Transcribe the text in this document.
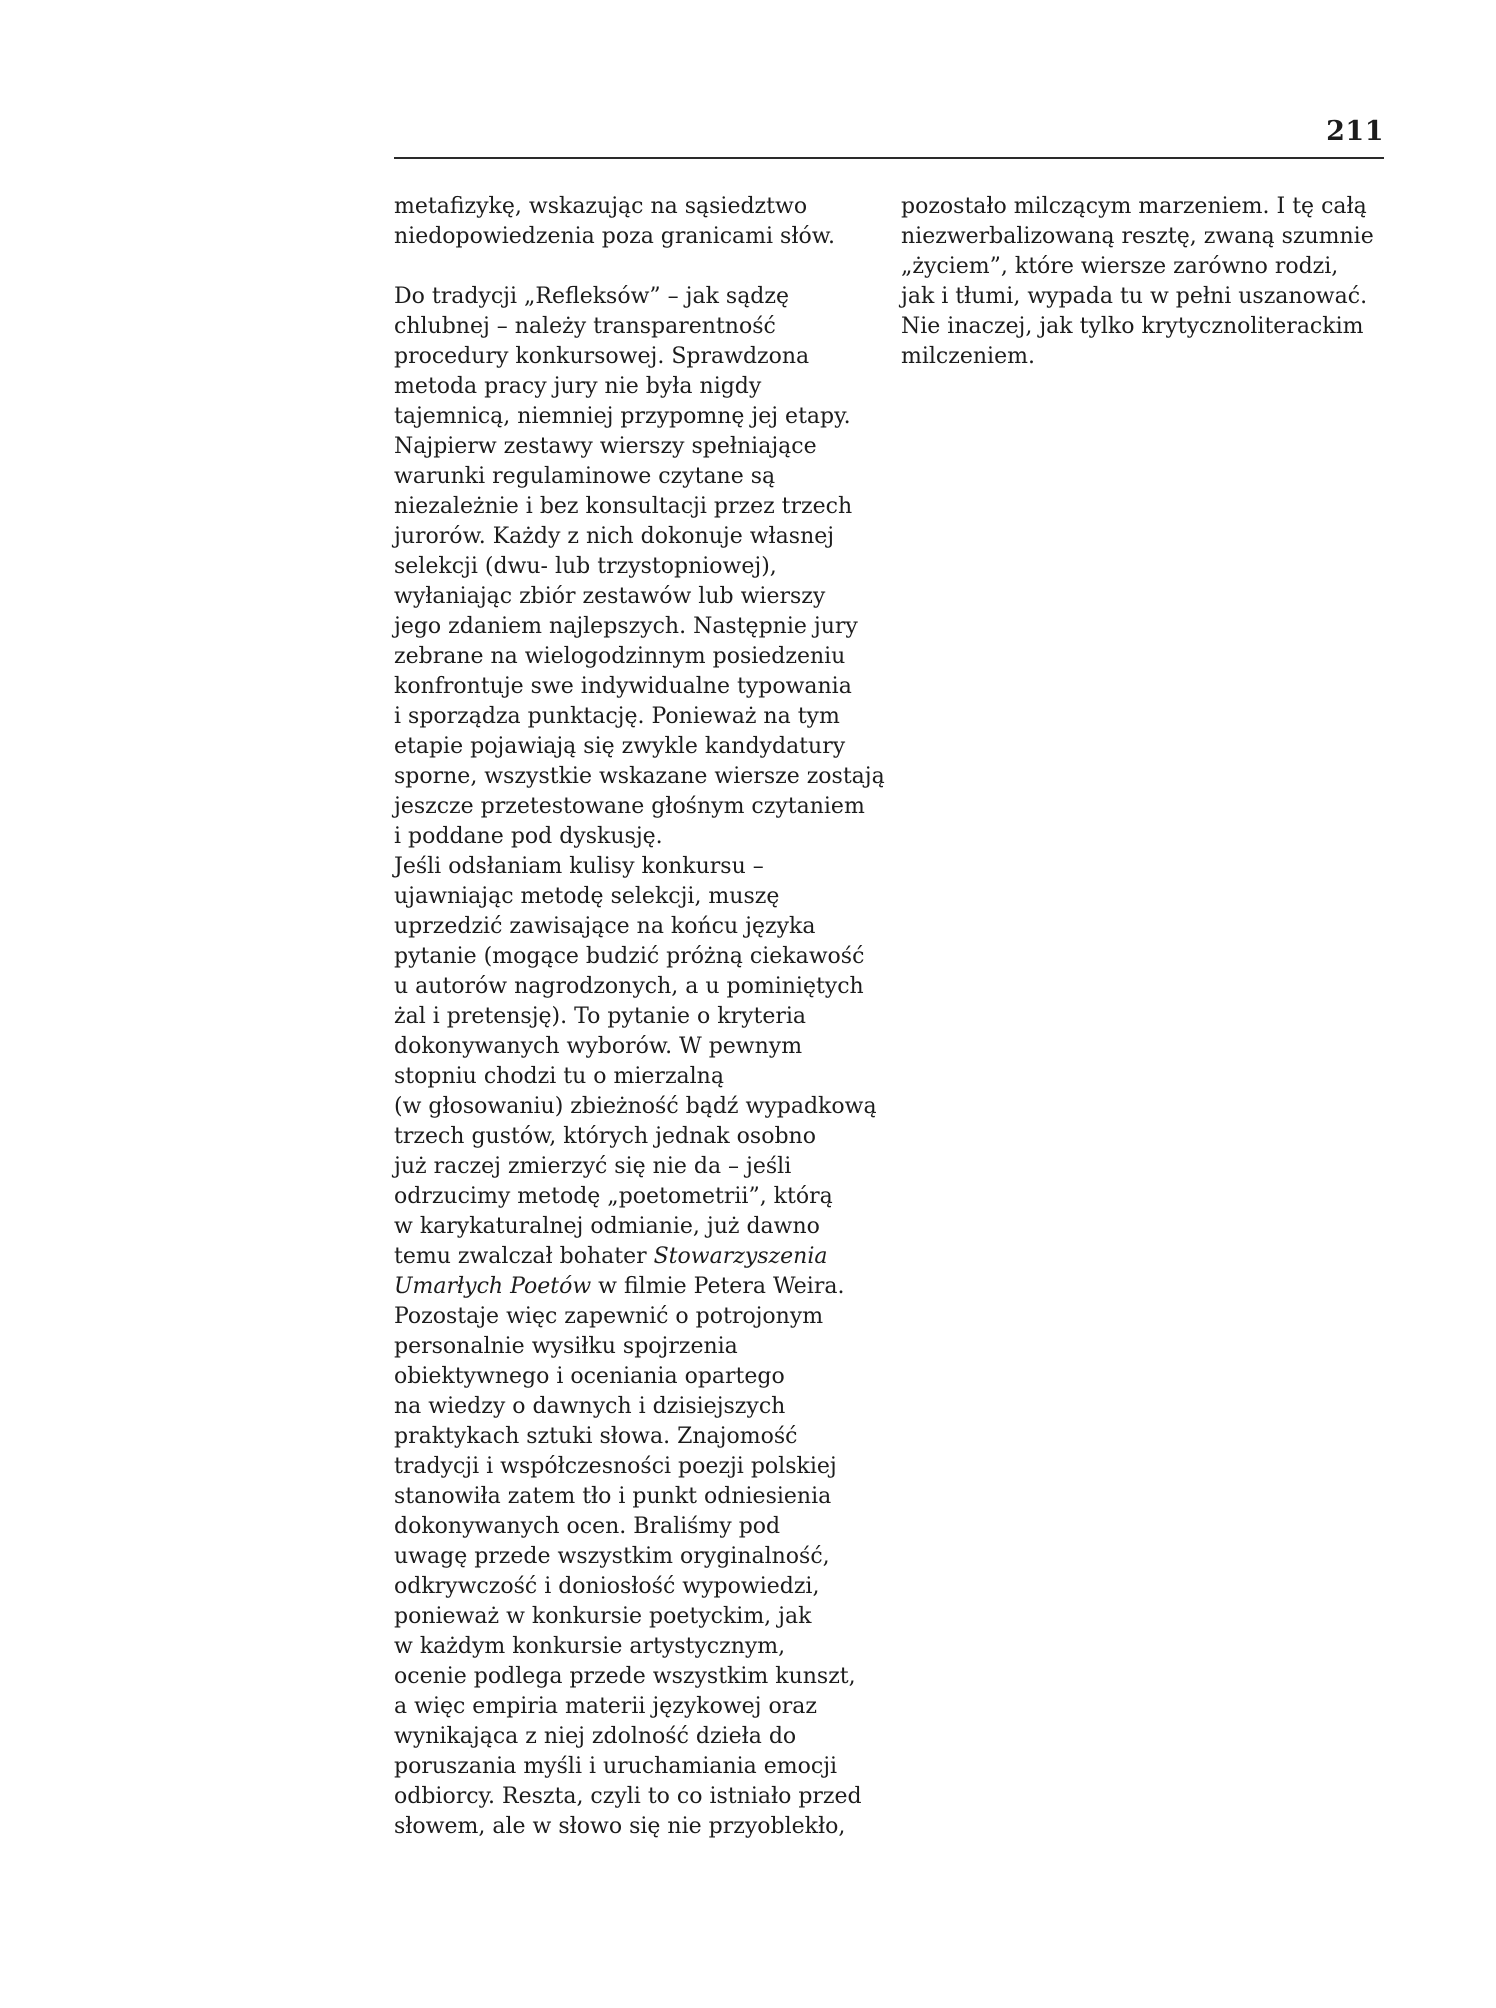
211
metafizykę, wskazując na sąsiedztwo
niedopowiedzenia poza granicami słów.
Do tradycji „Refleksów” – jak sądzę
chlubnej – należy transparentność
procedury konkursowej. Sprawdzona
metoda pracy jury nie była nigdy
tajemnicą, niemniej przypomnę jej etapy.
Najpierw zestawy wierszy spełniające
warunki regulaminowe czytane są
niezależnie i bez konsultacji przez trzech
jurorów. Każdy z nich dokonuje własnej
selekcji (dwu- lub trzystopniowej),
wyłaniając zbiór zestawów lub wierszy
jego zdaniem najlepszych. Następnie jury
zebrane na wielogodzinnym posiedzeniu
konfrontuje swe indywidualne typowania
i sporządza punktację. Ponieważ na tym
etapie pojawiają się zwykle kandydatury
sporne, wszystkie wskazane wiersze zostają
jeszcze przetestowane głośnym czytaniem
i poddane pod dyskusję.
Jeśli odsłaniam kulisy konkursu –
ujawniając metodę selekcji, muszę
uprzedzić zawisające na końcu języka
pytanie (mogące budzić próżną ciekawość
u autorów nagrodzonych, a u pominiętych
żal i pretensję). To pytanie o kryteria
dokonywanych wyborów. W pewnym
stopniu chodzi tu o mierzalną
(w głosowaniu) zbieżność bądź wypadkową
trzech gustów, których jednak osobno
już raczej zmierzyć się nie da – jeśli
odrzucimy metodę „poetometrii”, którą
w karykaturalnej odmianie, już dawno
temu zwalczał bohater Stowarzyszenia
Umarłych Poetów w filmie Petera Weira.
Pozostaje więc zapewnić o potrojonym
personalnie wysiłku spojrzenia
obiektywnego i oceniania opartego
na wiedzy o dawnych i dzisiejszych
praktykach sztuki słowa. Znajomość
tradycji i współczesności poezji polskiej
stanowiła zatem tło i punkt odniesienia
dokonywanych ocen. Braliśmy pod
uwagę przede wszystkim oryginalność,
odkrywczość i doniosłość wypowiedzi,
ponieważ w konkursie poetyckim, jak
w każdym konkursie artystycznym,
ocenie podlega przede wszystkim kunszt,
a więc empiria materii językowej oraz
wynikająca z niej zdolność dzieła do
poruszania myśli i uruchamiania emocji
odbiorcy. Reszta, czyli to co istniało przed
słowem, ale w słowo się nie przyoblekło,
pozostało milczącym marzeniem. I tę całą
niezwerbalizowaną resztę, zwaną szumnie
„życiem”, które wiersze zarówno rodzi,
jak i tłumi, wypada tu w pełni uszanować.
Nie inaczej, jak tylko krytycznoliterackim
milczeniem.
